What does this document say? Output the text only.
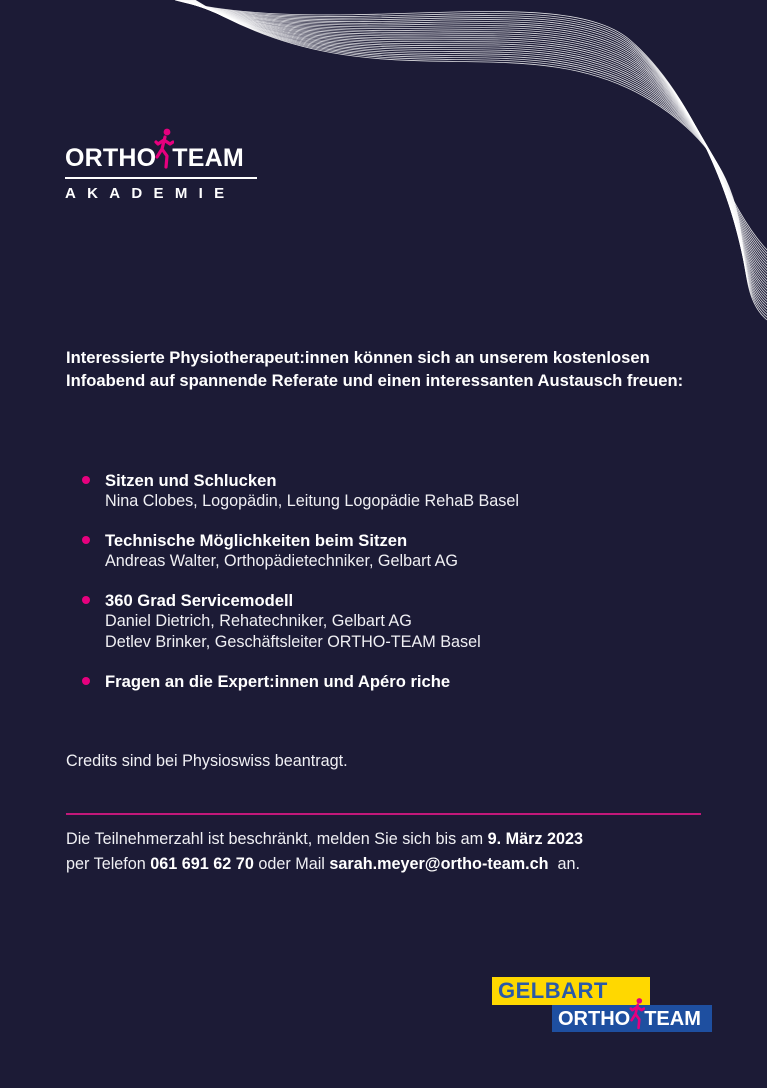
ORTHO TEAM
AKADEMIE
Interessierte Physiotherapeut:innen können sich an unserem kostenlosen Infoabend auf spannende Referate und einen interessanten Austausch freuen:
Sitzen und Schlucken
Nina Clobes, Logopädin, Leitung Logopädie RehaB Basel
Technische Möglichkeiten beim Sitzen
Andreas Walter, Orthopädietechniker, Gelbart AG
360 Grad Servicemodell
Daniel Dietrich, Rehatechniker, Gelbart AG
Detlev Brinker, Geschäftsleiter ORTHO-TEAM Basel
Fragen an die Expert:innen und Apéro riche
Credits sind bei Physioswiss beantragt.
Die Teilnehmerzahl ist beschränkt, melden Sie sich bis am 9. März 2023
per Telefon 061 691 62 70 oder Mail sarah.meyer@ortho-team.ch  an.
GELBART
ORTHO TEAM
